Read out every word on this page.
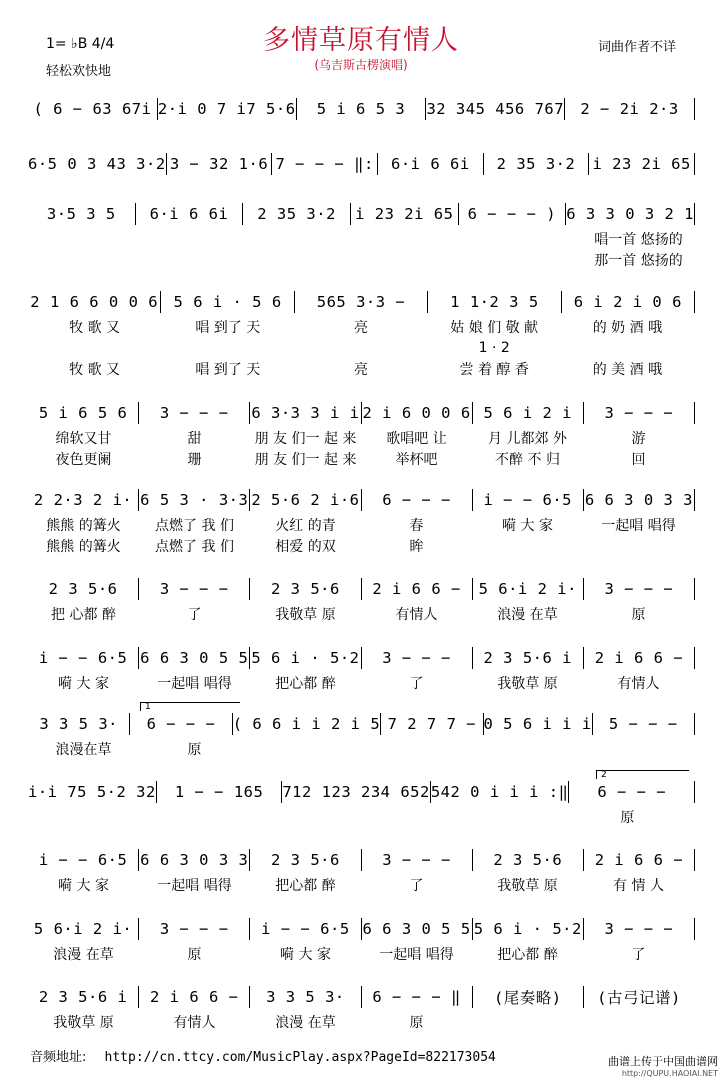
多情草原有情人
(乌吉斯古楞演唱)
1= ♭B 4/4
轻松欢快地
词曲作者不详
( 6 − 63 67i 2·i 0 7 i7 5·6	5 i 6 5 3	32 345 456 767	2 − 2i 2·3
6·5 0 3 43 3·2 3 − 32 1·6 7 − − − ‖:	6·i 6 6i	2 35 3·2	i 23 2i 65
3·5 3 5	6·i 6 6i	2 35 3·2	i 23 2i 65 6 − − − ) 6 3 3 0 3 2 1
唱一首 悠扬的
那一首 悠扬的
2 1 6 6 0 0 6 5 6 i · 5 6	565 3·3 −	1 1·2 3 5	6 i 2 i 0 6
牧 歌 又	唱 到了 天	亮	姑 娘 们 敬 献	的 奶 酒 哦
1 · 2
牧 歌 又	唱 到了 天	亮	尝 着 醇 香	的 美 酒 哦
5 i 6 5 6	3 − − −	6 3·3 3 i i 2 i 6 0 0 6 5 6 i 2 i	3 − − −
绵软又甘	甜	朋 友 们一 起 来	歌唱吧 让	月 儿都郊 外	游
夜色更阑	珊	朋 友 们一 起 来	举杯吧	不醉 不 归	回
2 2·3 2 i· 6 5 3 · 3·3 2 5·6 2 i·6	6 − − −	i − − 6·5 6 6 3 0 3 3
熊熊 的篝火	点燃了 我 们	火红 的青	春	嗬 大 家	一起唱 唱得
熊熊 的篝火	点燃了 我 们	相爱 的双	眸
2 3 5·6	3 − − −	2 3 5·6	2 i 6 6 −	5 6·i 2 i·	3 − − −
把 心都 醉	了	我敬草 原	有情人	浪漫 在草	原
i − − 6·5 6 6 3 0 5 5 5 6 i · 5·2	3 − − −	2 3 5·6 i	2 i 6 6 −
嗬 大 家	一起唱 唱得	把心都 醉	了	我敬草 原	有情人
3 3 5 3·	6 − − −	( 6 6 i i 2 i 5 7 2 7 7 − 0 5 6 i i i	5 − − −
浪漫在草	原
i·i 75 5·2 32	1 − − 165	712 123 234 652 542 0 i i i :‖	6 − − −
原
i − − 6·5 6 6 3 0 3 3	2 3 5·6	3 − − −	2 3 5·6	2 i 6 6 −
嗬 大 家	一起唱 唱得	把心都 醉	了	我敬草 原	有 情 人
5 6·i 2 i·	3 − − −	i − − 6·5 6 6 3 0 5 5 5 6 i · 5·2	3 − − −
浪漫 在草	原	嗬 大 家	一起唱 唱得	把心都 醉	了
2 3 5·6 i	2 i 6 6 −	3 3 5 3·	6 − − − ‖	(尾奏略)	(古弓记谱)
我敬草 原	有情人	浪漫 在草	原
音频地址: http://cn.ttcy.com/MusicPlay.aspx?PageId=822173054	曲谱上传于中国曲谱网
http://QUPU.HAOIAI.NET
1
2
